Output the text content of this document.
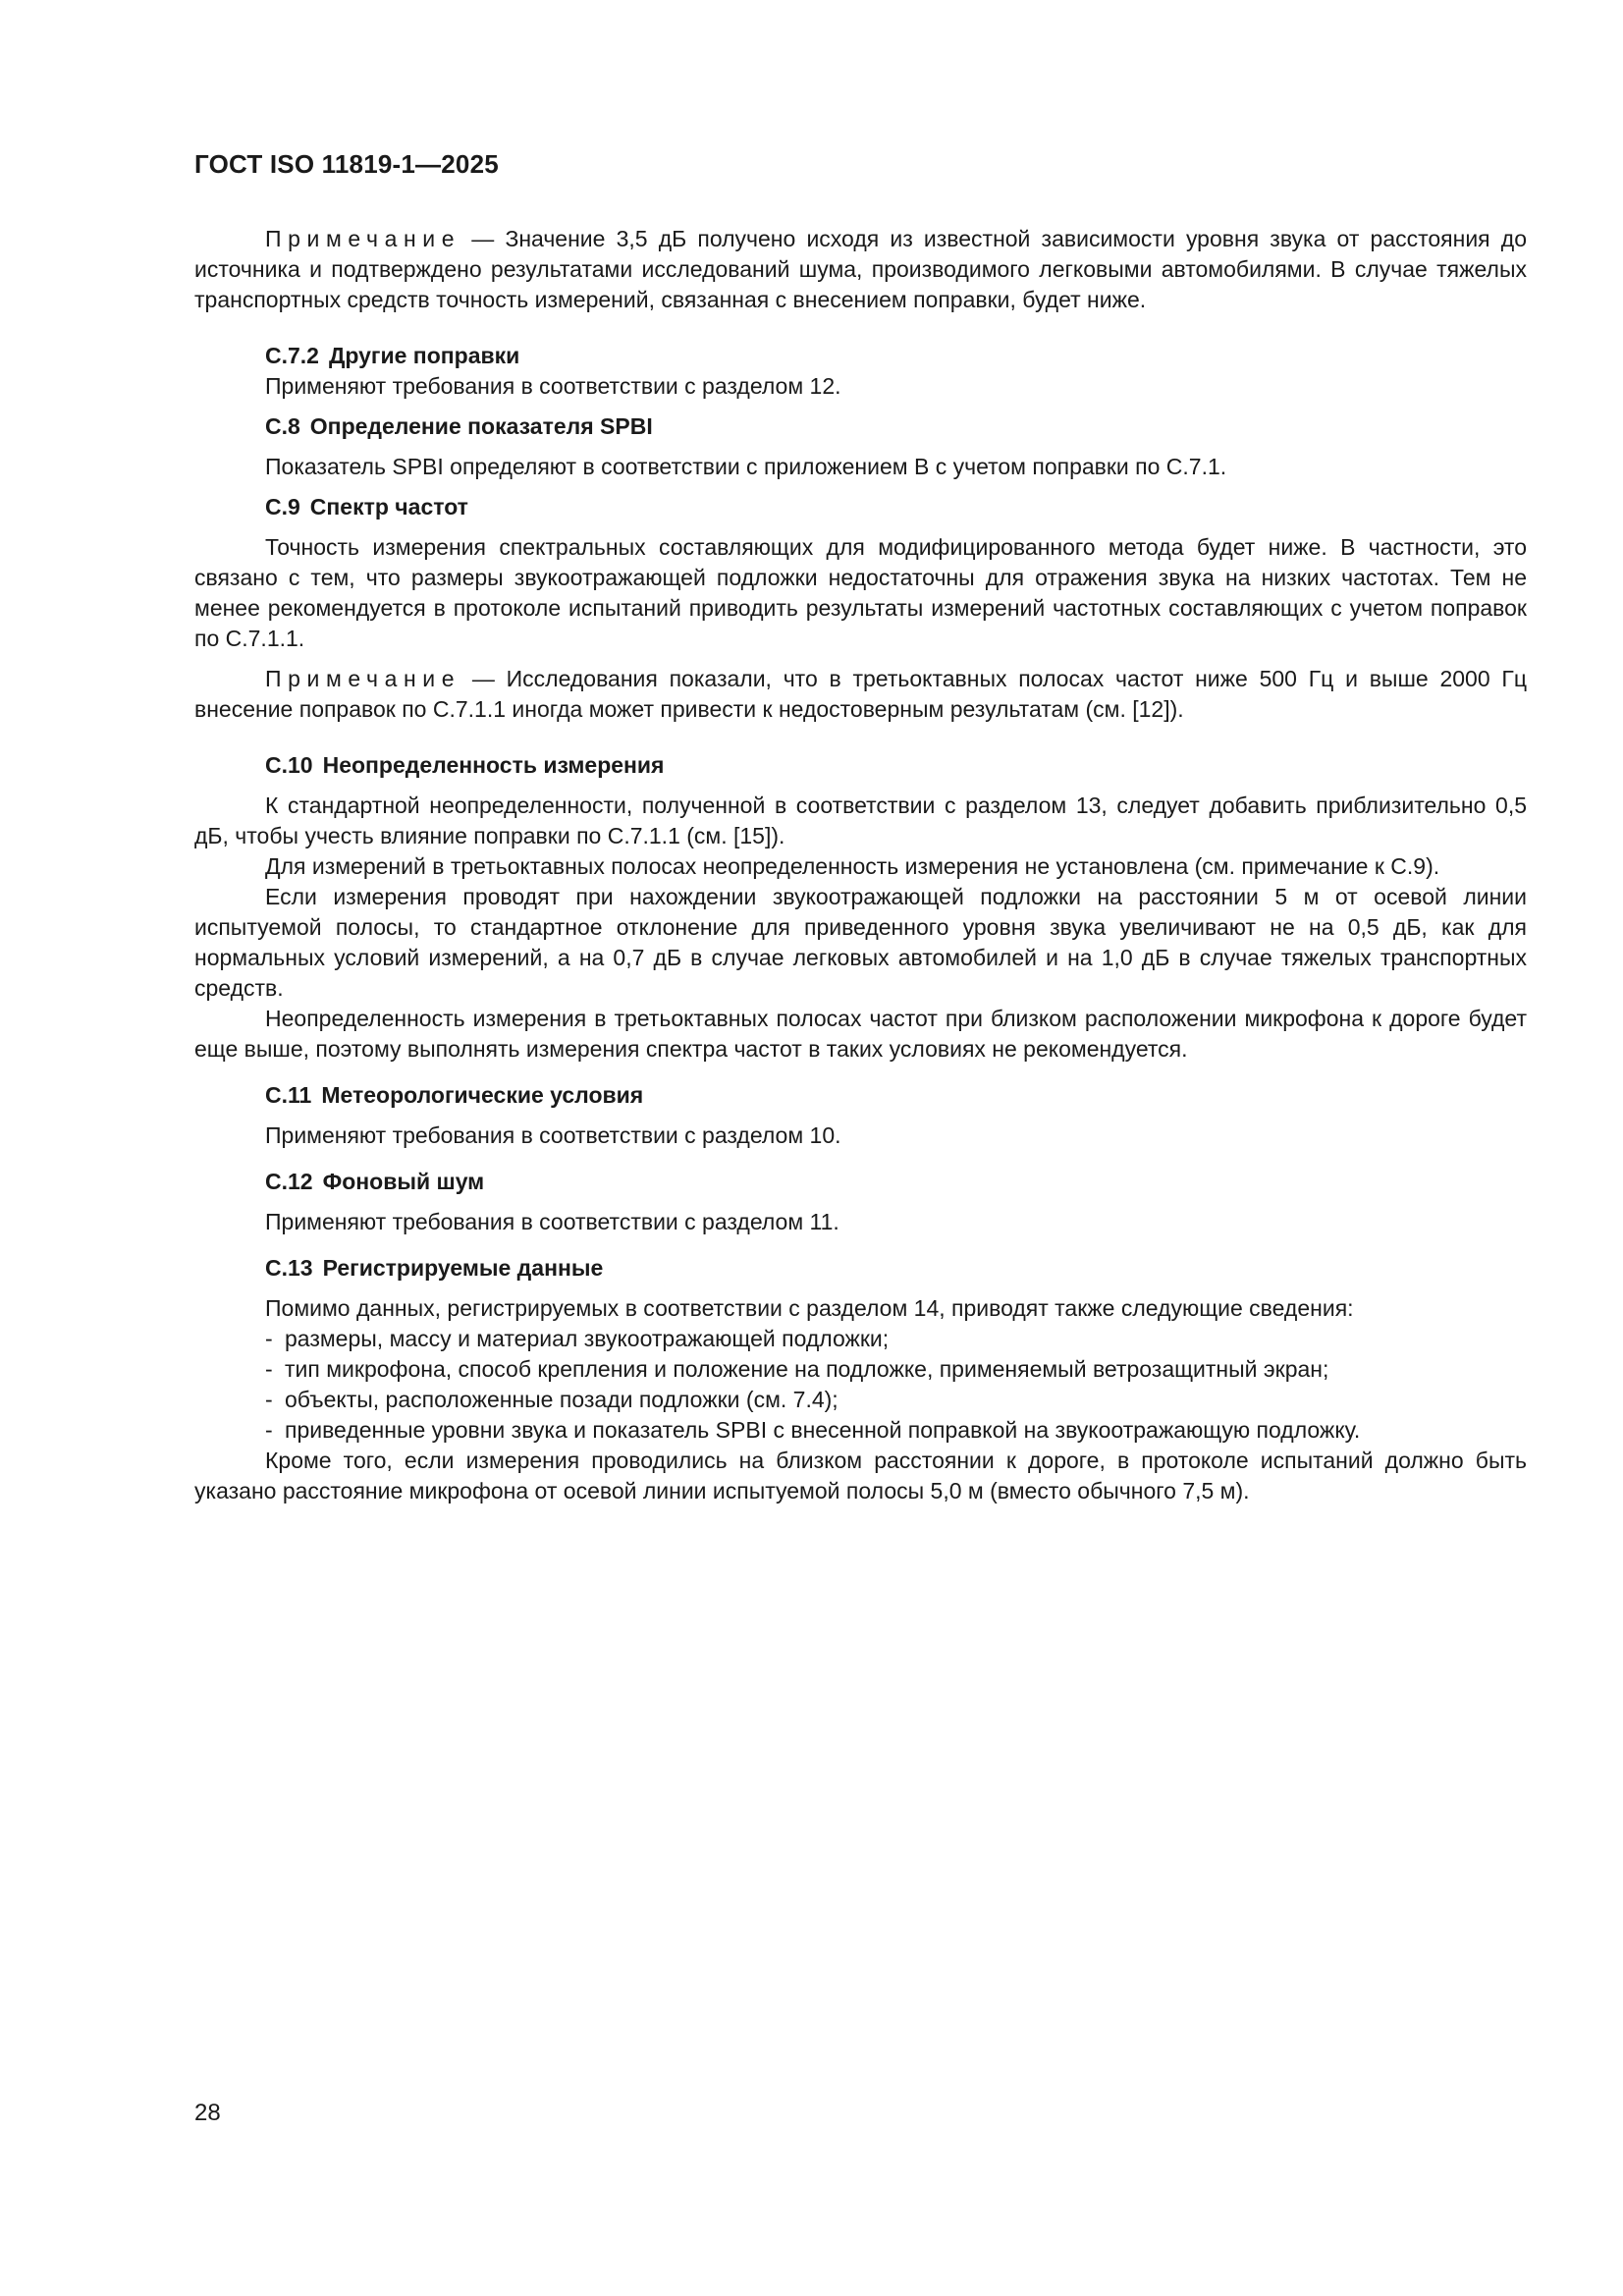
ГОСТ ISO 11819-1—2025

Примечание — Значение 3,5 дБ получено исходя из известной зависимости уровня звука от расстояния до источника и подтверждено результатами исследований шума, производимого легковыми автомобилями. В случае тяжелых транспортных средств точность измерений, связанная с внесением поправки, будет ниже.

С.7.2 Другие поправки

Применяют требования в соответствии с разделом 12.

С.8 Определение показателя SPBI

Показатель SPBI определяют в соответствии с приложением В с учетом поправки по С.7.1.

С.9 Спектр частот

Точность измерения спектральных составляющих для модифицированного метода будет ниже. В частности, это связано с тем, что размеры звукоотражающей подложки недостаточны для отражения звука на низких частотах. Тем не менее рекомендуется в протоколе испытаний приводить результаты измерений частотных составляющих с учетом поправок по С.7.1.1.

Примечание — Исследования показали, что в третьоктавных полосах частот ниже 500 Гц и выше 2000 Гц внесение поправок по С.7.1.1 иногда может привести к недостоверным результатам (см. [12]).

С.10 Неопределенность измерения

К стандартной неопределенности, полученной в соответствии с разделом 13, следует добавить приблизительно 0,5 дБ, чтобы учесть влияние поправки по С.7.1.1 (см. [15]).

Для измерений в третьоктавных полосах неопределенность измерения не установлена (см. примечание к С.9).

Если измерения проводят при нахождении звукоотражающей подложки на расстоянии 5 м от осевой линии испытуемой полосы, то стандартное отклонение для приведенного уровня звука увеличивают не на 0,5 дБ, как для нормальных условий измерений, а на 0,7 дБ в случае легковых автомобилей и на 1,0 дБ в случае тяжелых транспортных средств.

Неопределенность измерения в третьоктавных полосах частот при близком расположении микрофона к дороге будет еще выше, поэтому выполнять измерения спектра частот в таких условиях не рекомендуется.

С.11 Метеорологические условия

Применяют требования в соответствии с разделом 10.

С.12 Фоновый шум

Применяют требования в соответствии с разделом 11.

С.13 Регистрируемые данные

Помимо данных, регистрируемых в соответствии с разделом 14, приводят также следующие сведения:

- размеры, массу и материал звукоотражающей подложки;

- тип микрофона, способ крепления и положение на подложке, применяемый ветрозащитный экран;

- объекты, расположенные позади подложки (см. 7.4);

- приведенные уровни звука и показатель SPBI с внесенной поправкой на звукоотражающую подложку.

Кроме того, если измерения проводились на близком расстоянии к дороге, в протоколе испытаний должно быть указано расстояние микрофона от осевой линии испытуемой полосы 5,0 м (вместо обычного 7,5 м).

28
